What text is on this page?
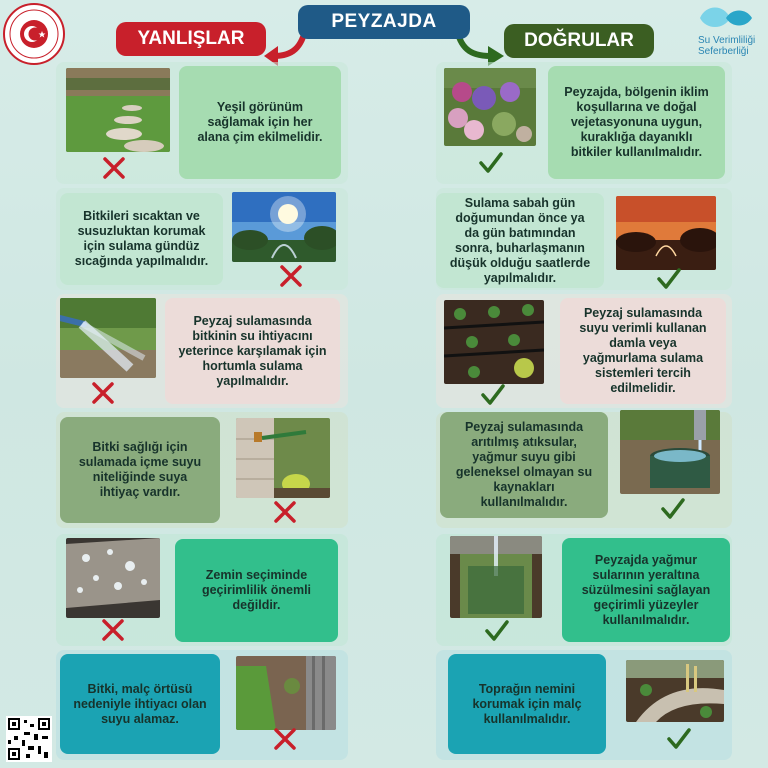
PEYZAJDA
YANLIŞLAR	DOĞRULAR	Su Verimliliği
Seferberliği
Yeşil görünüm sağlamak için her alana çim ekilmelidir.
Bitkileri sıcaktan ve susuzluktan korumak için sulama gündüz sıcağında yapılmalıdır.
Peyzaj sulamasında bitkinin su ihtiyacını yeterince karşılamak için hortumla sulama yapılmalıdır.
Bitki sağlığı için sulamada içme suyu niteliğinde suya ihtiyaç vardır.
Zemin seçiminde geçirimlilik önemli değildir.
Bitki, malç örtüsü nedeniyle ihtiyacı olan suyu alamaz.
Peyzajda, bölgenin iklim koşullarına ve doğal vejetasyonuna uygun, kuraklığa dayanıklı bitkiler kullanılmalıdır.
Sulama sabah gün doğumundan önce ya da gün batımından sonra, buharlaşmanın düşük olduğu saatlerde yapılmalıdır.
Peyzaj sulamasında suyu verimli kullanan damla veya yağmurlama sulama sistemleri tercih edilmelidir.
Peyzaj sulamasında arıtılmış atıksular, yağmur suyu gibi geleneksel olmayan su kaynakları kullanılmalıdır.
Peyzajda yağmur sularının yeraltına süzülmesini sağlayan geçirimli yüzeyler kullanılmalıdır.
Toprağın nemini korumak için malç kullanılmalıdır.
